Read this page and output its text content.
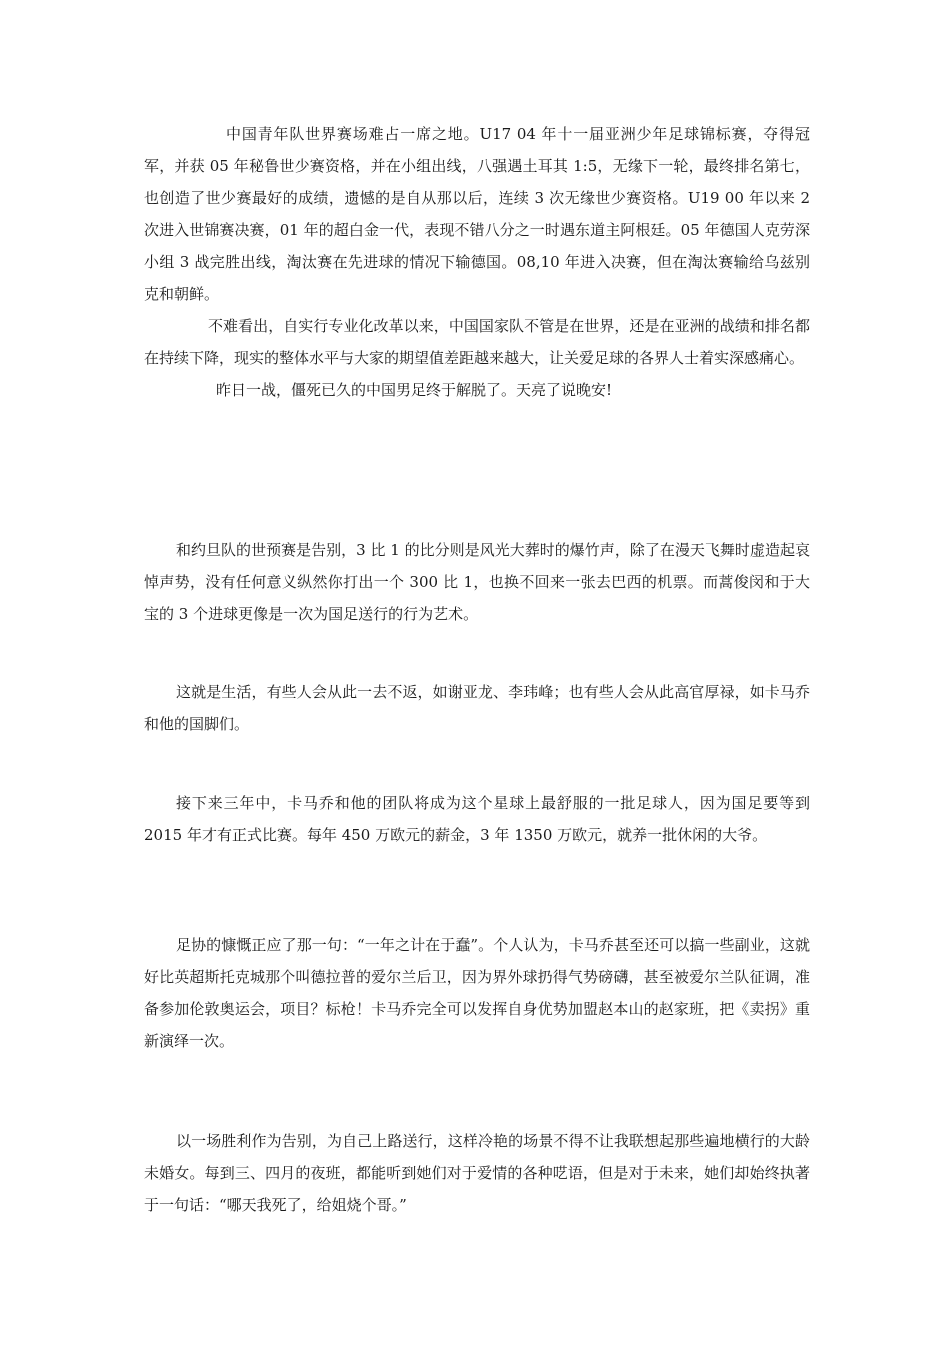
中国青年队世界赛场难占一席之地。U17 04 年十一届亚洲少年足球锦标赛，夺得冠军，并获 05 年秘鲁世少赛资格，并在小组出线，八强遇土耳其 1:5，无缘下一轮，最终排名第七，也创造了世少赛最好的成绩，遗憾的是自从那以后，连续 3 次无缘世少赛资格。U19 00 年以来 2 次进入世锦赛决赛，01 年的超白金一代，表现不错八分之一时遇东道主阿根廷。05 年德国人克劳深小组 3 战完胜出线，淘汰赛在先进球的情况下输德国。08,10 年进入决赛，但在淘汰赛输给乌兹别克和朝鲜。

不难看出，自实行专业化改革以来，中国国家队不管是在世界，还是在亚洲的战绩和排名都在持续下降，现实的整体水平与大家的期望值差距越来越大，让关爱足球的各界人士着实深感痛心。

昨日一战，僵死已久的中国男足终于解脱了。天亮了说晚安!

和约旦队的世预赛是告别，3 比 1 的比分则是风光大葬时的爆竹声，除了在漫天飞舞时虚造起哀悼声势，没有任何意义纵然你打出一个 300 比 1，也换不回来一张去巴西的机票。而蒿俊闵和于大宝的 3 个进球更像是一次为国足送行的行为艺术。

这就是生活，有些人会从此一去不返，如谢亚龙、李玮峰；也有些人会从此高官厚禄，如卡马乔和他的国脚们。

接下来三年中，卡马乔和他的团队将成为这个星球上最舒服的一批足球人，因为国足要等到 2015 年才有正式比赛。每年 450 万欧元的薪金，3 年 1350 万欧元，就养一批休闲的大爷。

足协的慷慨正应了那一句：“一年之计在于蠢”。个人认为，卡马乔甚至还可以搞一些副业，这就好比英超斯托克城那个叫德拉普的爱尔兰后卫，因为界外球扔得气势磅礴，甚至被爱尔兰队征调，准备参加伦敦奥运会，项目？标枪！卡马乔完全可以发挥自身优势加盟赵本山的赵家班，把《卖拐》重新演绎一次。

以一场胜利作为告别，为自己上路送行，这样冷艳的场景不得不让我联想起那些遍地横行的大龄未婚女。每到三、四月的夜班，都能听到她们对于爱情的各种呓语，但是对于未来，她们却始终执著于一句话：“哪天我死了，给姐烧个哥。”
